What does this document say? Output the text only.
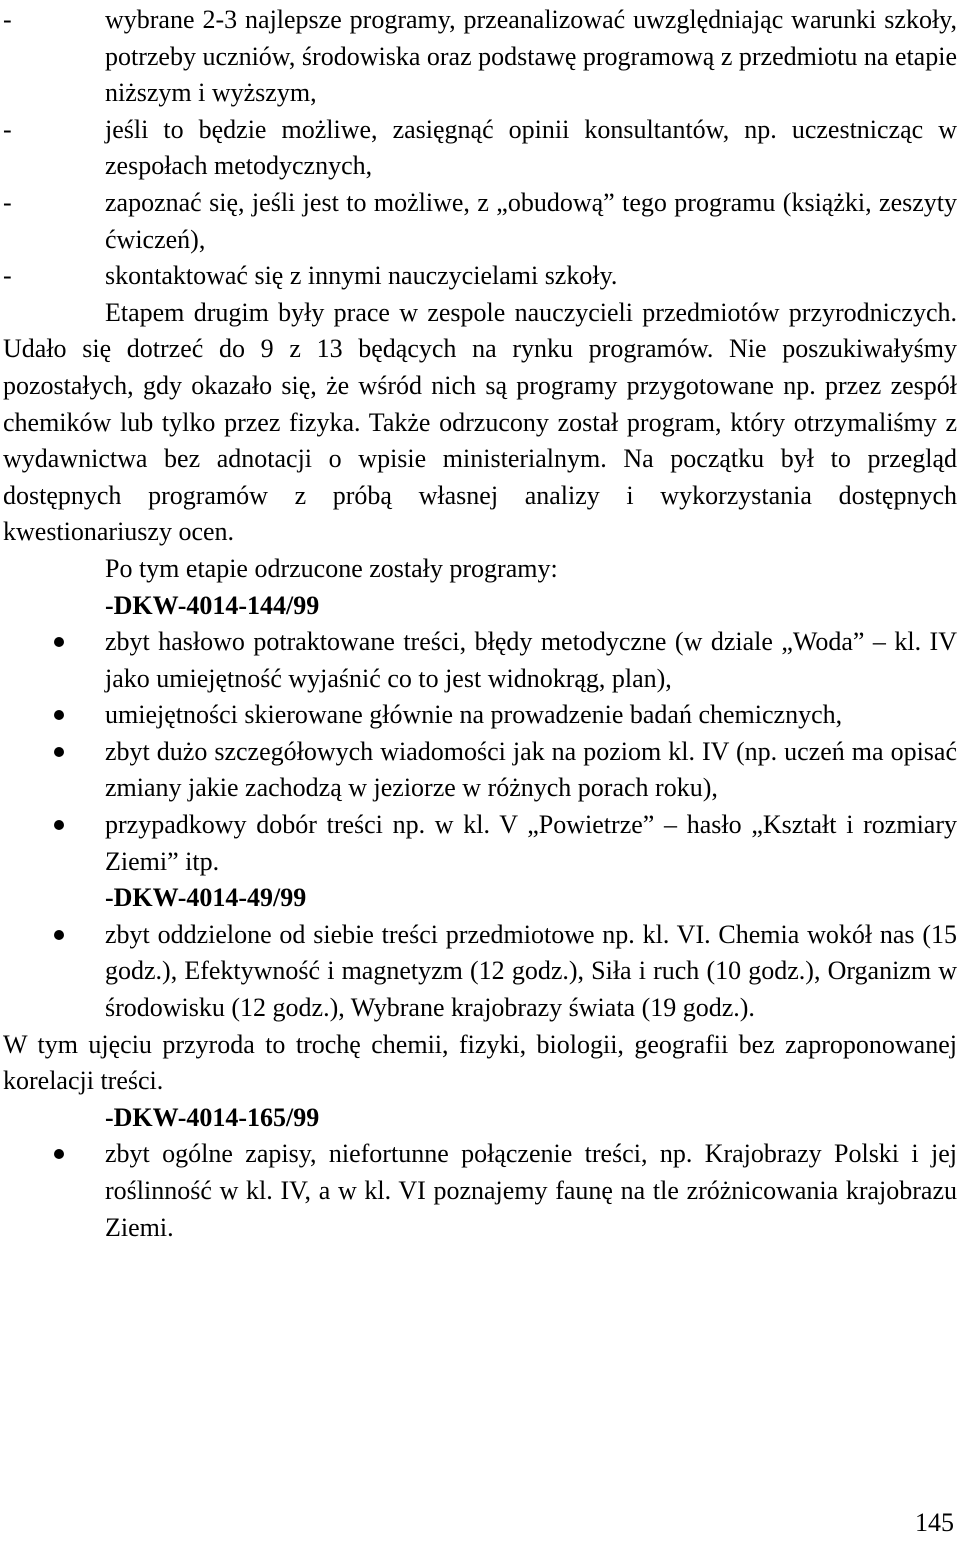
-	wybrane 2-3 najlepsze programy, przeanalizować uwzględniając warunki szkoły, potrzeby uczniów, środowiska oraz podstawę programową z przedmiotu na etapie niższym i wyższym,
-	jeśli to będzie możliwe, zasięgnąć opinii konsultantów, np. uczestnicząc w zespołach metodycznych,
-	zapoznać się, jeśli jest to możliwe, z „obudową” tego programu (książki, zeszyty ćwiczeń),
-	skontaktować się z innymi nauczycielami szkoły.

Etapem drugim były prace w zespole nauczycieli przedmiotów przyrodniczych. Udało się dotrzeć do 9 z 13 będących na rynku programów. Nie poszukiwałyśmy pozostałych, gdy okazało się, że wśród nich są programy przygotowane np. przez zespół chemików lub tylko przez fizyka. Także odrzucony został program, który otrzymaliśmy z wydawnictwa bez adnotacji o wpisie ministerialnym. Na początku był to przegląd dostępnych programów z próbą własnej analizy i wykorzystania dostępnych kwestionariuszy ocen.

Po tym etapie odrzucone zostały programy:

-DKW-4014-144/99

zbyt hasłowo potraktowane treści, błędy metodyczne (w dziale „Woda” – kl. IV jako umiejętność wyjaśnić co to jest widnokrąg, plan),
umiejętności skierowane głównie na prowadzenie badań chemicznych,
zbyt dużo szczegółowych wiadomości jak na poziom kl. IV (np. uczeń ma opisać zmiany jakie zachodzą w jeziorze w różnych porach roku),
przypadkowy dobór treści np. w kl. V „Powietrze” – hasło „Kształt i rozmiary Ziemi” itp.

-DKW-4014-49/99

zbyt oddzielone od siebie treści przedmiotowe np. kl. VI. Chemia wokół nas (15 godz.), Efektywność i magnetyzm (12 godz.), Siła i ruch (10 godz.), Organizm w środowisku (12 godz.), Wybrane krajobrazy świata (19 godz.).

W tym ujęciu przyroda to trochę chemii, fizyki, biologii, geografii bez zaproponowanej korelacji treści.

-DKW-4014-165/99

zbyt ogólne zapisy, niefortunne połączenie treści, np. Krajobrazy Polski i jej roślinność w kl. IV, a w kl. VI poznajemy faunę na tle zróżnicowania krajobrazu Ziemi.
145
